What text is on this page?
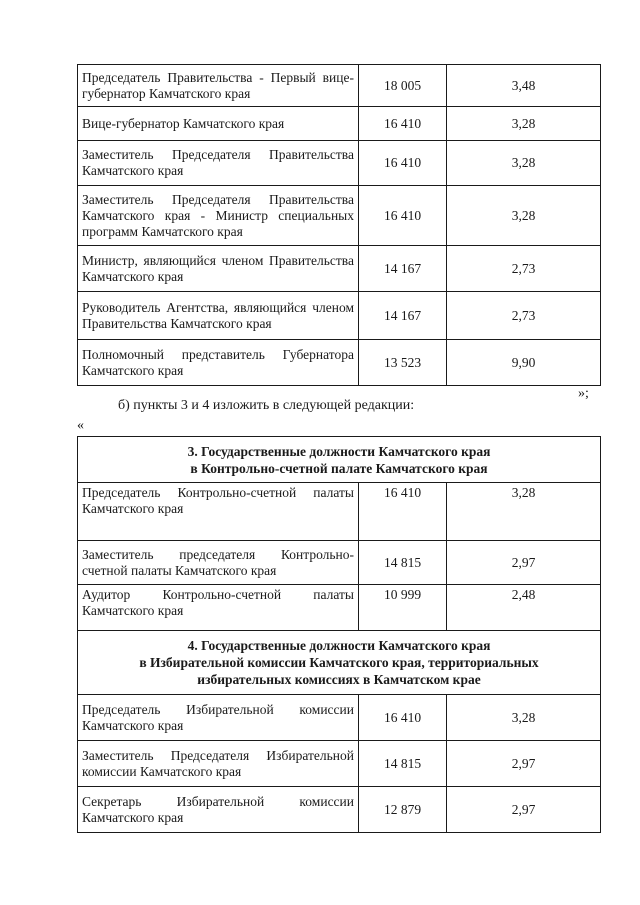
Председатель Правительства - Первый вице-губернатор Камчатского края	18 005	3,48
Вице-губернатор Камчатского края	16 410	3,28
Заместитель Председателя Правительства Камчатского края	16 410	3,28
Заместитель Председателя Правительства Камчатского края - Министр специальных программ Камчатского края	16 410	3,28
Министр, являющийся членом Правительства Камчатского края	14 167	2,73
Руководитель Агентства, являющийся членом Правительства Камчатского края	14 167	2,73
Полномочный представитель Губернатора Камчатского края	13 523	9,90
»;
б) пункты 3 и 4 изложить в следующей редакции:
«
3. Государственные должности Камчатского края
в Контрольно-счетной палате Камчатского края		

Председатель Контрольно-счетной палаты Камчатского края	16 410	3,28
Заместитель председателя Контрольно-счетной палаты Камчатского края	14 815	2,97
Аудитор Контрольно-счетной палаты Камчатского края	10 999	2,48

4. Государственные должности Камчатского края
в Избирательной комиссии Камчатского края, территориальных
избирательных комиссиях в Камчатском крае		

Председатель Избирательной комиссии Камчатского края	16 410	3,28
Заместитель Председателя Избирательной комиссии Камчатского края	14 815	2,97
Секретарь Избирательной комиссии Камчатского края	12 879	2,97
